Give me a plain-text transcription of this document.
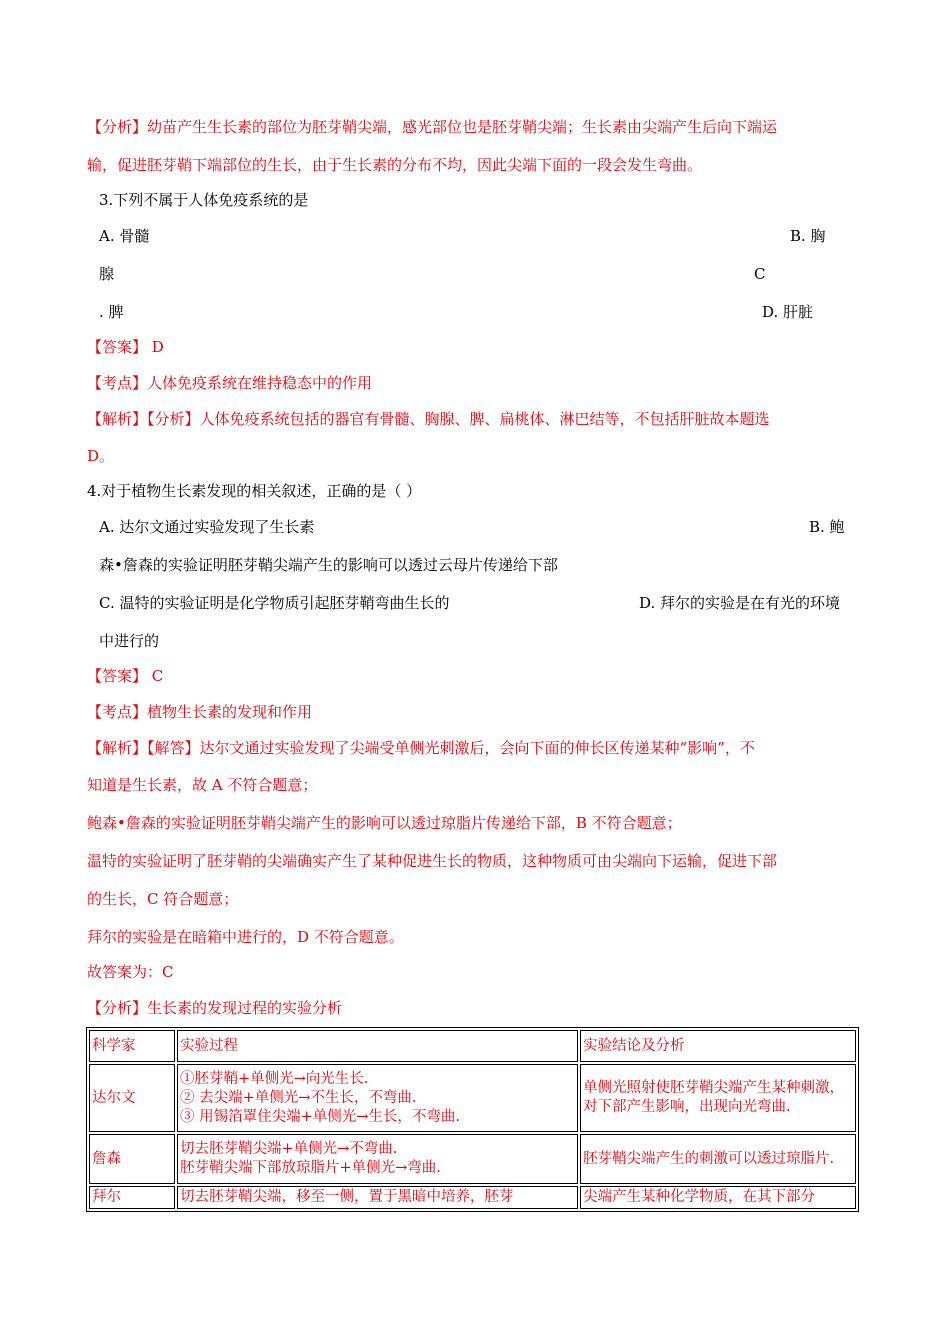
【分析】幼苗产生生长素的部位为胚芽鞘尖端，感光部位也是胚芽鞘尖端；生长素由尖端产生后向下端运
输，促进胚芽鞘下端部位的生长，由于生长素的分布不均，因此尖端下面的一段会发生弯曲。
3.下列不属于人体免疫系统的是
A. 骨髓	B. 胸
腺	C
. 脾	D. 肝脏
【答案】 D
【考点】人体免疫系统在维持稳态中的作用
【解析】【分析】人体免疫系统包括的器官有骨髓、胸腺、脾、扁桃体、淋巴结等，不包括肝脏故本题选
D。
4.对于植物生长素发现的相关叙述，正确的是（ ）
A. 达尔文通过实验发现了生长素	B. 鲍
森•詹森的实验证明胚芽鞘尖端产生的影响可以透过云母片传递给下部
C. 温特的实验证明是化学物质引起胚芽鞘弯曲生长的	D. 拜尔的实验是在有光的环境
中进行的
【答案】 C
【考点】植物生长素的发现和作用
【解析】【解答】达尔文通过实验发现了尖端受单侧光刺激后，会向下面的伸长区传递某种“影响”，不
知道是生长素，故 A 不符合题意；
鲍森•詹森的实验证明胚芽鞘尖端产生的影响可以透过琼脂片传递给下部，B 不符合题意；
温特的实验证明了胚芽鞘的尖端确实产生了某种促进生长的物质，这种物质可由尖端向下运输，促进下部
的生长，C 符合题意；
拜尔的实验是在暗箱中进行的，D 不符合题意。
故答案为：C
【分析】生长素的发现过程的实验分析
科学家	实验过程	实验结论及分析
达尔文	①胚芽鞘+单侧光→向光生长.
② 去尖端+单侧光→不生长，不弯曲.
③ 用锡箔罩住尖端+单侧光→生长，不弯曲.	单侧光照射使胚芽鞘尖端产生某种刺激，对下部产生影响，出现向光弯曲.
詹森	切去胚芽鞘尖端+单侧光→不弯曲.
胚芽鞘尖端下部放琼脂片+单侧光→弯曲.	胚芽鞘尖端产生的刺激可以透过琼脂片.
拜尔	切去胚芽鞘尖端，移至一侧，置于黑暗中培养，胚芽	尖端产生某种化学物质，在其下部分
